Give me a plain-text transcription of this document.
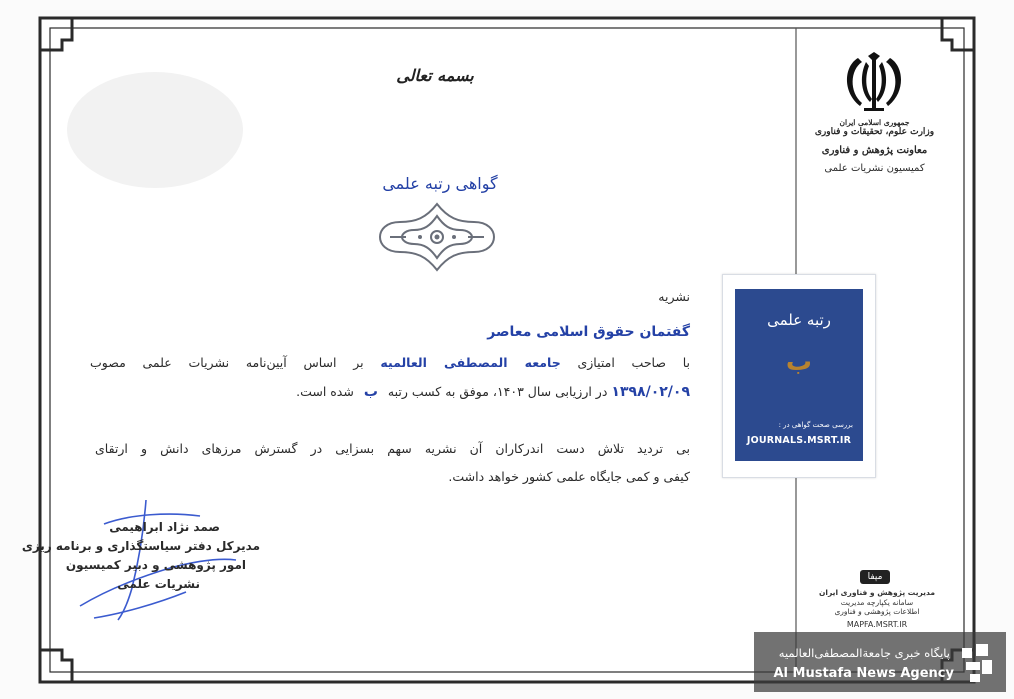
بسمه تعالی
جمهوری اسلامی ایران
وزارت علوم، تحقیقات و فناوری
معاونت پژوهش و فناوری
کمیسیون نشریات علمی
گواهی رتبه علمی
نشریه
گفتمان حقوق اسلامی معاصر
با صاحب امتیازی جامعه المصطفی العالمیه بر اساس آیین‌نامه نشریات علمی مصوب
۱۳۹۸/۰۲/۰۹ در ارزیابی سال ۱۴۰۳، موفق به کسب رتبه ب شده است.
بی تردید تلاش دست اندرکاران آن نشریه سهم بسزایی در گسترش مرزهای دانش و ارتقای
کیفی و کمی جایگاه علمی کشور خواهد داشت.
رتبه علمی
ب
بررسی صحت گواهی در :
JOURNALS.MSRT.IR
صمد نژاد ابراهیمی
مدیرکل دفتر سیاستگذاری و برنامه ریزی
امور پژوهشی و دبیر کمیسیون
نشریات علمی	مپفا
مدیریت پژوهش و فناوری ایران
سامانه یکپارچه مدیریت
اطلاعات پژوهشی و فناوری
MAPFA.MSRT.IR
پایگاه خبری جامعة‌المصطفی‌العالمیه
Al Mustafa News Agency
